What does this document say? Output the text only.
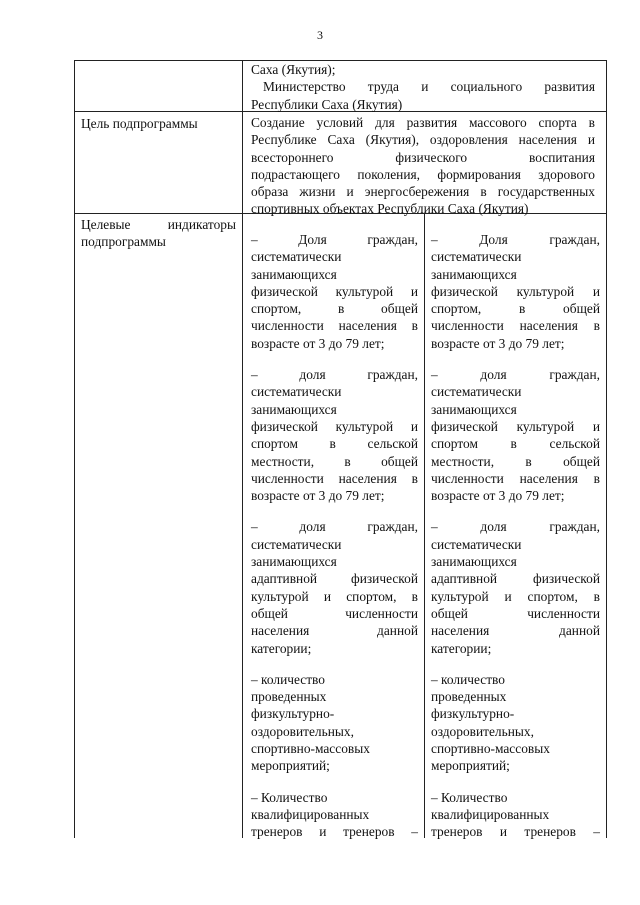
3
Саха (Якутия);
Министерство труда и социального развития
Республики Саха (Якутия)
Цель подпрограммы	Создание условий для развития массового спорта в
Республике Саха (Якутия), оздоровления населения и
всестороннего физического воспитания
подрастающего поколения, формирования здорового
образа жизни и энергосбережения в государственных
спортивных объектах Республики Саха (Якутия)
Целевые индикаторы
подпрограммы	– Доля граждан,
систематически
занимающихся
физической культурой и
спортом, в общей
численности населения в
возрасте от 3 до 79 лет;
– доля граждан,
систематически
занимающихся
физической культурой и
спортом в сельской
местности, в общей
численности населения в
возрасте от 3 до 79 лет;
– доля граждан,
систематически
занимающихся
адаптивной физической
культурой и спортом, в
общей численности
населения данной
категории;
– количество
проведенных
физкультурно-
оздоровительных,
спортивно-массовых
мероприятий;
– Количество
квалифицированных
тренеров и тренеров –
– Доля граждан,
систематически
занимающихся
физической культурой и
спортом, в общей
численности населения в
возрасте от 3 до 79 лет;
– доля граждан,
систематически
занимающихся
физической культурой и
спортом в сельской
местности, в общей
численности населения в
возрасте от 3 до 79 лет;
– доля граждан,
систематически
занимающихся
адаптивной физической
культурой и спортом, в
общей численности
населения данной
категории;
– количество
проведенных
физкультурно-
оздоровительных,
спортивно-массовых
мероприятий;
– Количество
квалифицированных
тренеров и тренеров –
